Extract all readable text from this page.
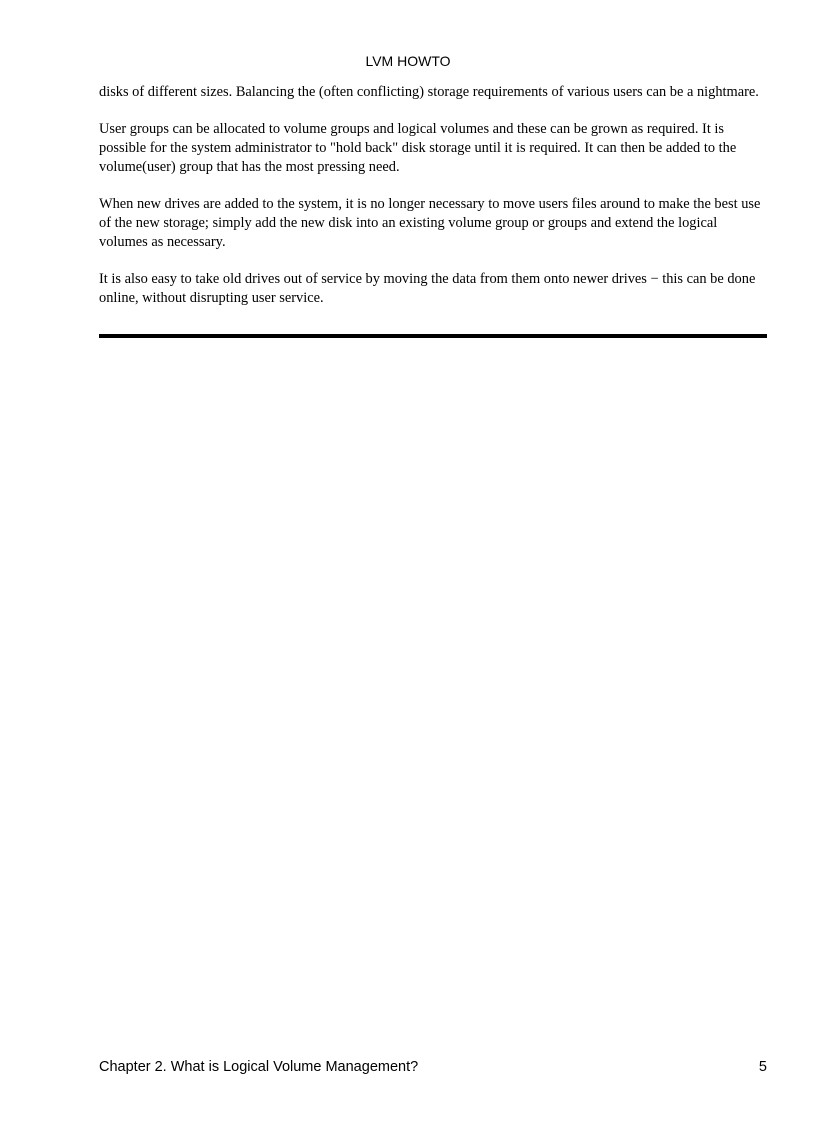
LVM HOWTO

disks of different sizes. Balancing the (often conflicting) storage requirements of various users can be a nightmare.

User groups can be allocated to volume groups and logical volumes and these can be grown as required. It is possible for the system administrator to "hold back" disk storage until it is required. It can then be added to the volume(user) group that has the most pressing need.

When new drives are added to the system, it is no longer necessary to move users files around to make the best use of the new storage; simply add the new disk into an existing volume group or groups and extend the logical volumes as necessary.

It is also easy to take old drives out of service by moving the data from them onto newer drives − this can be done online, without disrupting user service.

Chapter 2. What is Logical Volume Management?	5
